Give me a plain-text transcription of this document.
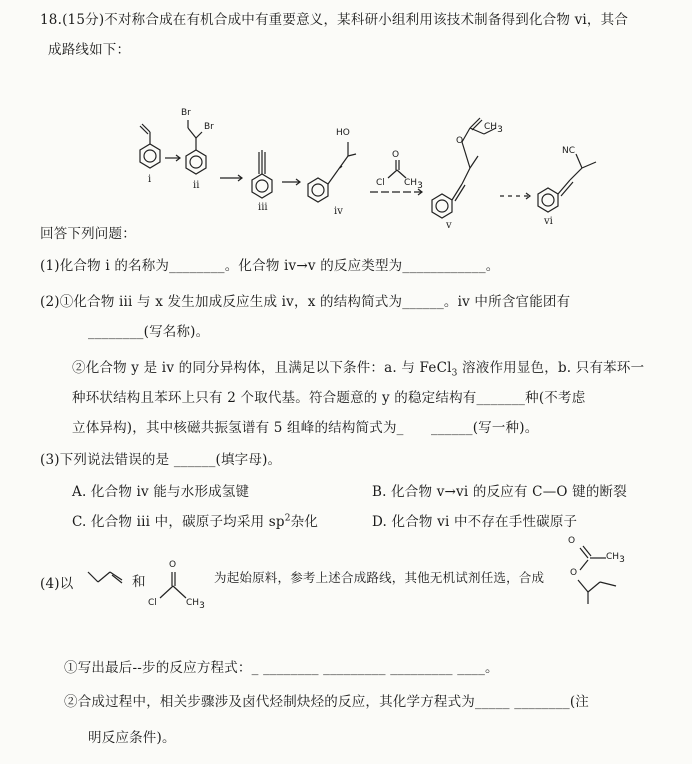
18.(15分)不对称合成在有机合成中有重要意义，某科研小组利用该技术制备得到化合物 vi，其合
成路线如下：
i
ii
iii	iv
v	vi
Br
Br
HO
O
$CH_3$
O
Cl $CH_3$
NC
回答下列问题：
(1)化合物 i 的名称为________。化合物 iv→v 的反应类型为____________。
(2)①化合物 iii 与 x 发生加成反应生成 iv，x 的结构简式为______。iv 中所含官能团有
________(写名称)。
②化合物 y 是 iv 的同分异构体，且满足以下条件：a. 与 FeCl$_3$ 溶液作用显色，b. 只有苯环一
种环状结构且苯环上只有 2 个取代基。符合题意的 y 的稳定结构有_______种(不考虑
立体异构)，其中核磁共振氢谱有 5 组峰的结构简式为_　　______(写一种)。
(3)下列说法错误的是 ______(填字母)。
A. 化合物 iv 能与水形成氢键	B. 化合物 v→vi 的反应有 C—O 键的断裂
C. 化合物 iii 中，碳原子均采用 $sp^2$杂化	D. 化合物 vi 中不存在手性碳原子
(4)以	和	为起始原料，参考上述合成路线，其他无机试剂任选，合成
O
Cl	$CH_3$
O
O
$CH_3$
①写出最后--步的反应方程式：_ ________ _________ _________ ____。
②合成过程中，相关步骤涉及卤代烃制炔烃的反应，其化学方程式为_____ ________(注
明反应条件)。
